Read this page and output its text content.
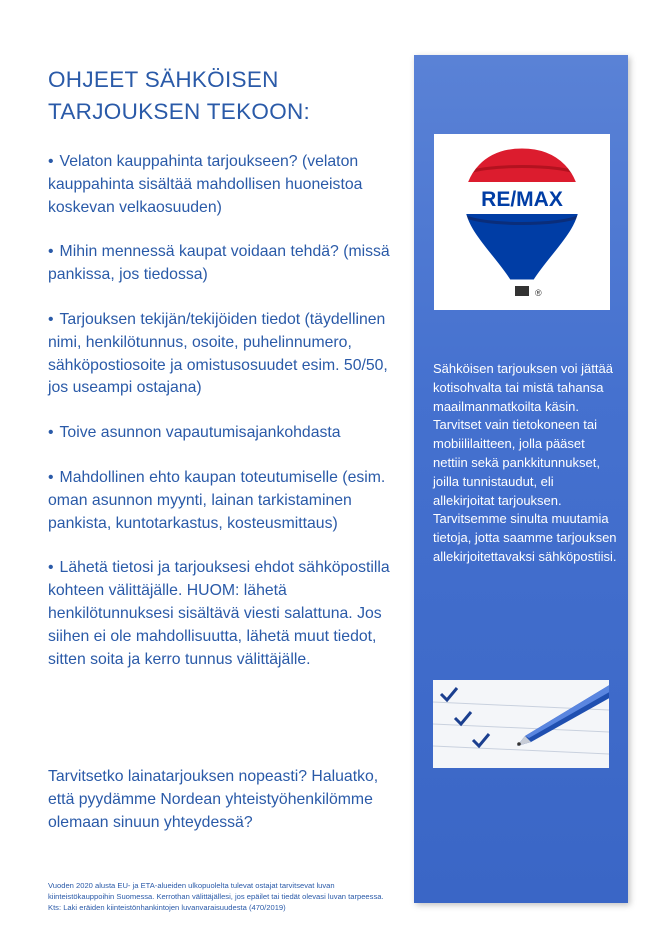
OHJEET SÄHKÖISEN TARJOUKSEN TEKOON:

• Velaton kauppahinta tarjoukseen? (velaton kauppahinta sisältää mahdollisen huoneistoa koskevan velkaosuuden)

• Mihin mennessä kaupat voidaan tehdä? (missä pankissa, jos tiedossa)

• Tarjouksen tekijän/tekijöiden tiedot (täydellinen nimi, henkilötunnus, osoite, puhelinnumero, sähköpostiosoite ja omistusosuudet esim. 50/50, jos useampi ostajana)

• Toive asunnon vapautumisajankohdasta

• Mahdollinen ehto kaupan toteutumiselle (esim. oman asunnon myynti, lainan tarkistaminen pankista, kuntotarkastus, kosteusmittaus)

• Lähetä tietosi ja tarjouksesi ehdot sähköpostilla kohteen välittäjälle. HUOM: lähetä henkilötunnuksesi sisältävä viesti salattuna. Jos siihen ei ole mahdollisuutta, lähetä muut tiedot, sitten soita ja kerro tunnus välittäjälle.

Tarvitsetko lainatarjouksen nopeasti? Haluatko, että pyydämme Nordean yhteistyöhenkilömme olemaan sinuun yhteydessä?
Vuoden 2020 alusta EU- ja ETA-alueiden ulkopuolelta tulevat ostajat tarvitsevat luvan kiinteistökauppoihin Suomessa. Kerrothan välittäjällesi, jos epäilet tai tiedät olevasi luvan tarpeessa. Kts: Laki eräiden kiinteistönhankintojen luvanvaraisuudesta (470/2019)
RE/MAX
®
Sähköisen tarjouksen voi jättää kotisohvalta tai mistä tahansa maailmanmatkoilta käsin. Tarvitset vain tietokoneen tai mobiililaitteen, jolla pääset nettiin sekä pankkitunnukset, joilla tunnistaudut, eli allekirjoitat tarjouksen. Tarvitsemme sinulta muutamia tietoja, jotta saamme tarjouksen allekirjoitettavaksi sähköpostiisi.
